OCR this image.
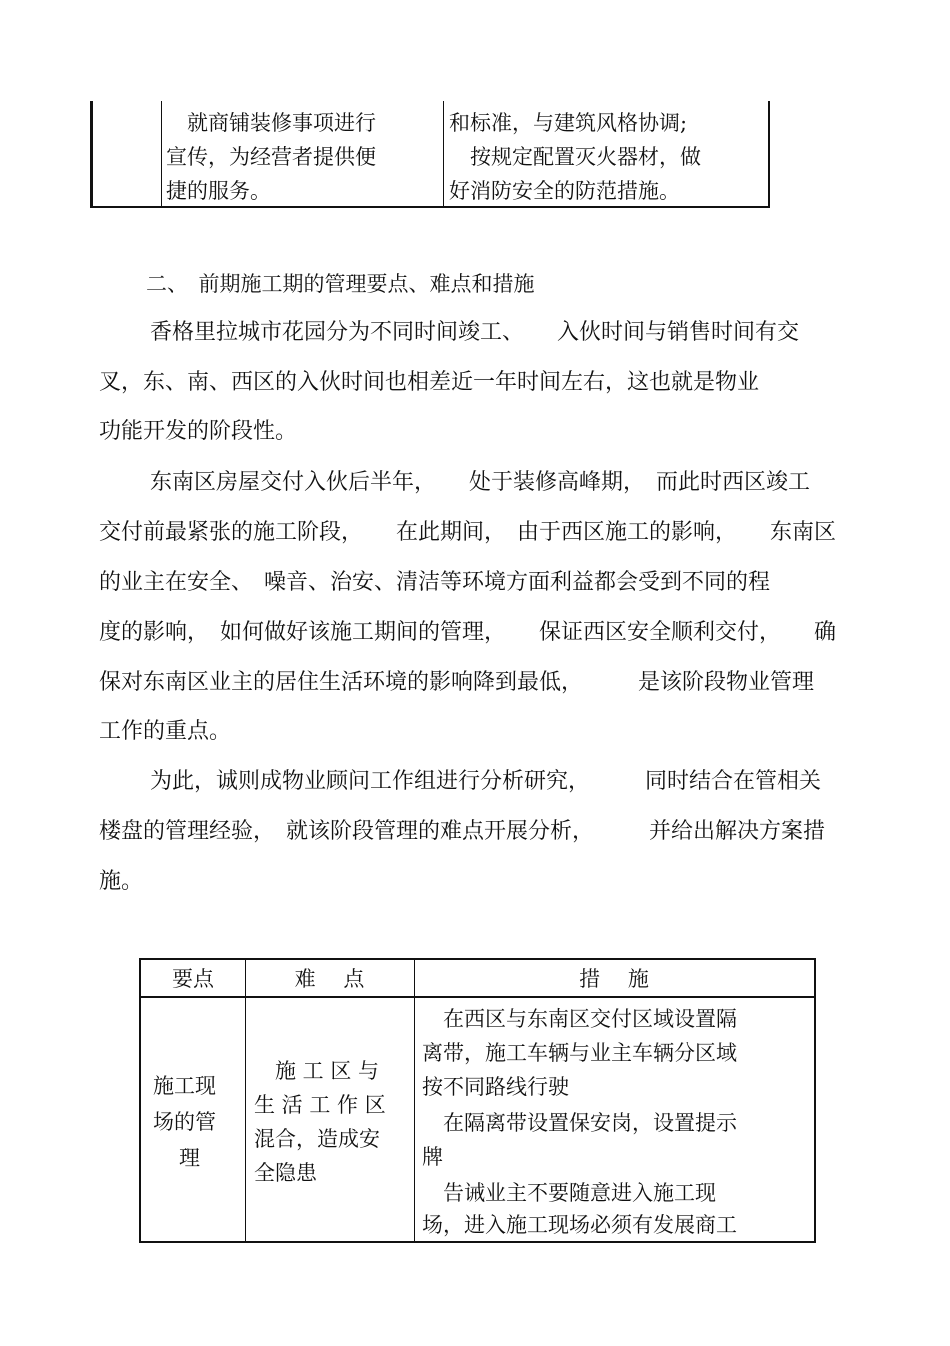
　就商铺装修事项进行
宣传，为经营者提供便
捷的服务。
和标准，与建筑风格协调;
　按规定配置灭火器材，做
好消防安全的防范措施。
二、　前期施工期的管理要点、难点和措施
香格里拉城市花园分为不同时间竣工、　　入伙时间与销售时间有交
叉，东、南、西区的入伙时间也相差近一年时间左右，这也就是物业
功能开发的阶段性。
东南区房屋交付入伙后半年，　　处于装修高峰期，　而此时西区竣工
交付前最紧张的施工阶段，　　在此期间，　由于西区施工的影响，　　东南区
的业主在安全、　噪音、治安、清洁等环境方面利益都会受到不同的程
度的影响，　如何做好该施工期间的管理，　　保证西区安全顺利交付，　　确
保对东南区业主的居住生活环境的影响降到最低，　　　是该阶段物业管理
工作的重点。
为此，诚则成物业顾问工作组进行分析研究，　　　同时结合在管相关
楼盘的管理经验，　就该阶段管理的难点开展分析，　　　并给出解决方案措
施。
要点	难　 点	措　 施
施工现
场的管
理
　施 工 区 与
生 活 工 作 区
混合，造成安
全隐患
　在西区与东南区交付区域设置隔
离带，施工车辆与业主车辆分区域
按不同路线行驶
　在隔离带设置保安岗，设置提示
牌
　告诫业主不要随意进入施工现
场，进入施工现场必须有发展商工
